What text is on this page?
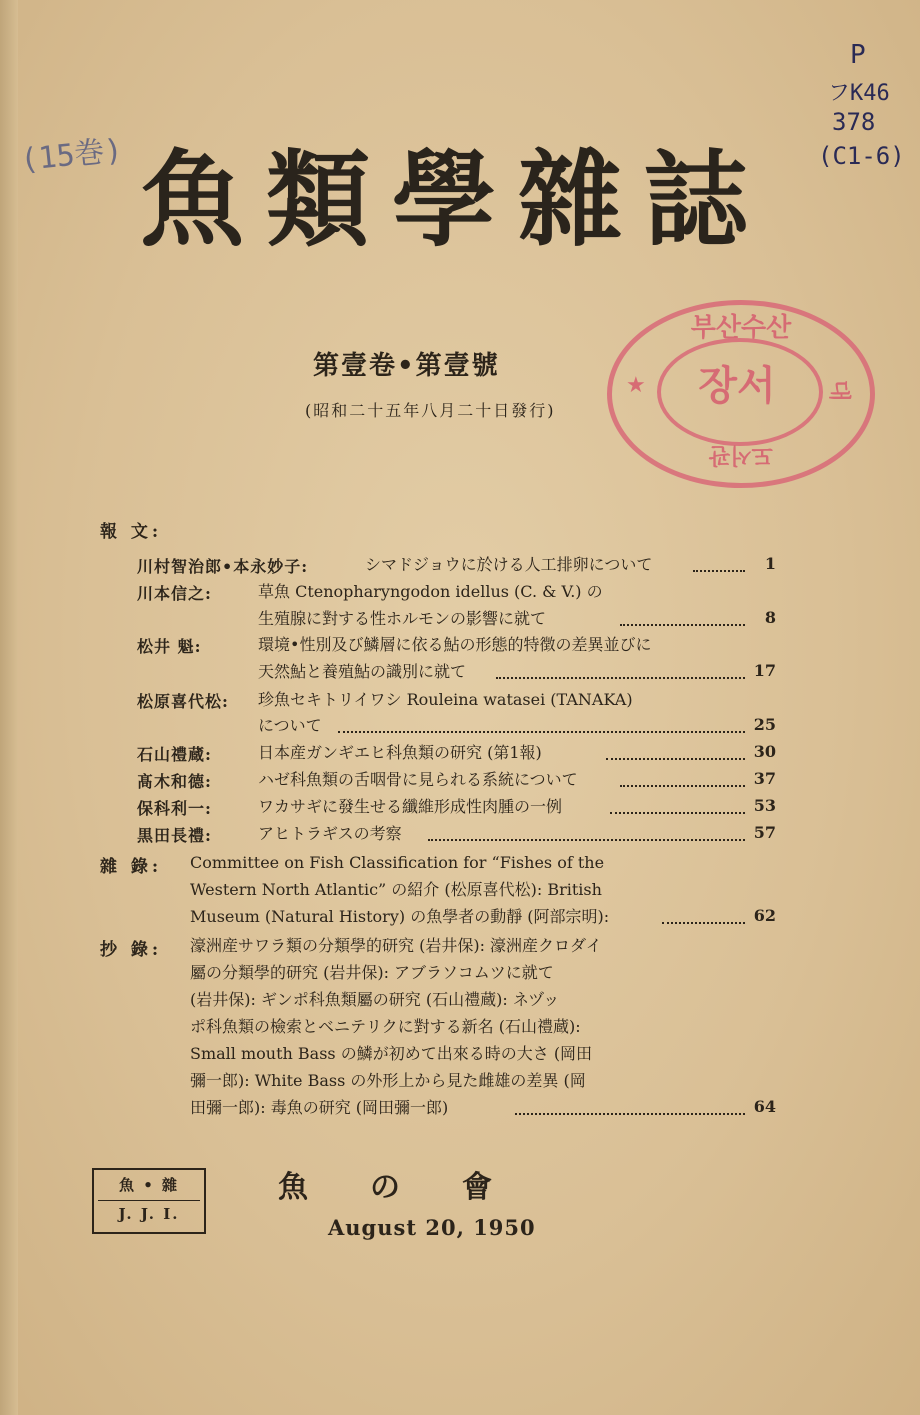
(15巻)
P
フK46
378
(C1-6)
魚類學雜誌
第壹卷•第壹號
(昭和二十五年八月二十日發行)
부산수산
장서
★	대
도서관
報 文:
川村智治郎•本永妙子:	シマドジョウに於ける人工排卵について	1
川本信之:	草魚 Ctenopharyngodon idellus (C. & V.) の
生殖腺に對する性ホルモンの影響に就て	8
松井 魁:	環境•性別及び鱗層に依る鮎の形態的特徴の差異並びに
天然鮎と養殖鮎の識別に就て	17
松原喜代松: 珍魚セキトリイワシ Rouleina watasei (TANAKA)
について	25
石山禮蔵:	日本産ガンギエヒ科魚類の研究 (第1報)	30
髙木和德:	ハゼ科魚類の舌咽骨に見られる系統について	37
保科利一:	ワカサギに發生せる纖維形成性肉腫の一例	53
黒田長禮:	アヒトラギスの考察	57
雜 錄: Committee on Fish Classification for “Fishes of the
Western North Atlantic” の紹介 (松原喜代松): British
Museum (Natural History) の魚學者の動靜 (阿部宗明):	62
抄 錄: 濠洲産サワラ類の分類學的研究 (岩井保): 濠洲産クロダイ
屬の分類學的研究 (岩井保): アブラソコムツに就て
(岩井保): ギンポ科魚類屬の研究 (石山禮蔵): ネヅッ
ポ科魚類の檢索とベニテリクに對する新名 (石山禮蔵):
Small mouth Bass の鱗が初めて出來る時の大さ (岡田
彌一郎): White Bass の外形上から見た雌雄の差異 (岡
田彌一郎): 毒魚の研究 (岡田彌一郎)	64
魚 • 雜
J. J. I.
魚の會
August 20, 1950
